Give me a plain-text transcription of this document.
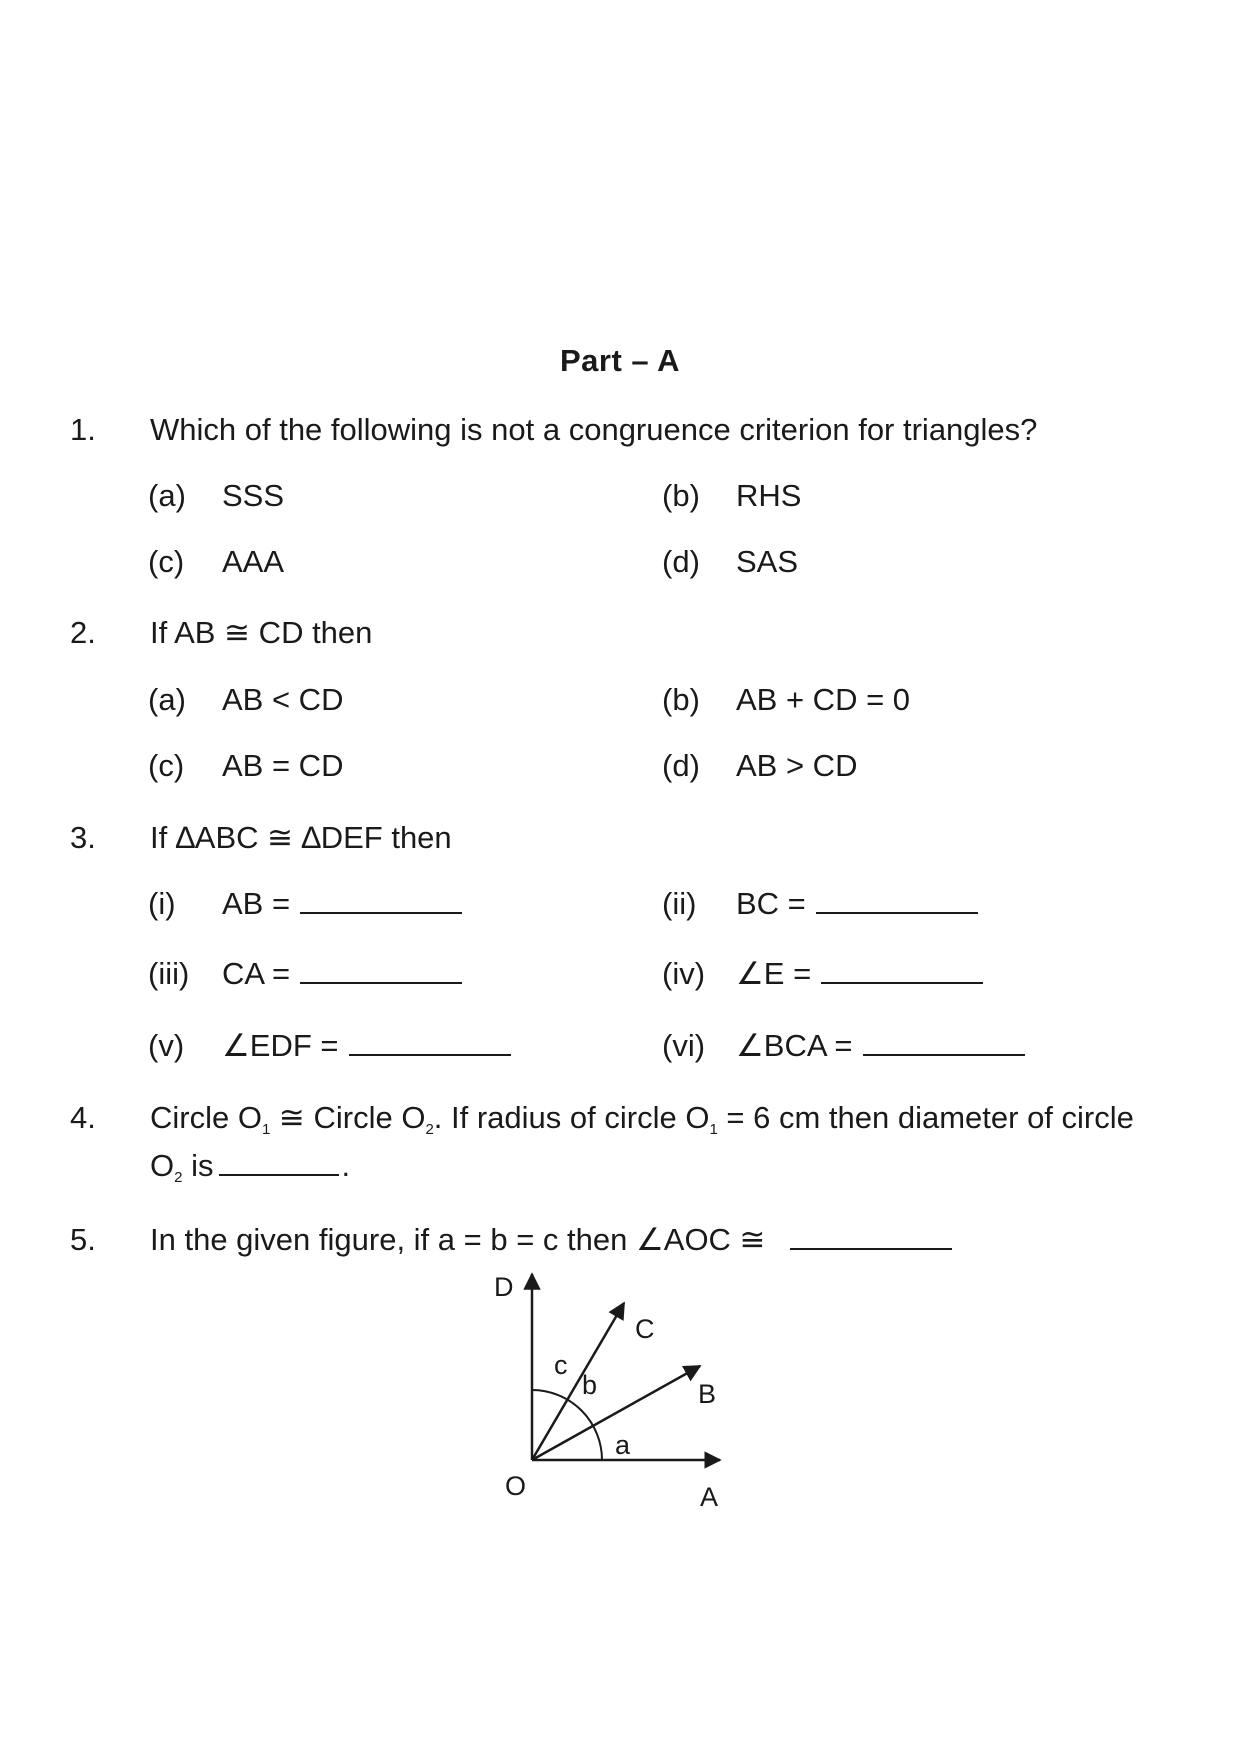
Part – A
1. Which of the following is not a congruence criterion for triangles?
(a) SSS	(b) RHS
(c) AAA	(d) SAS
2. If AB ≅ CD then
(a) AB < CD	(b) AB + CD = 0
(c) AB = CD	(d) AB > CD
3. If ∆ABC ≅ ∆DEF then
(i) AB =	(ii) BC =
(iii) CA =	(iv) ∠E =
(v) ∠EDF =	(vi) ∠BCA =
4. Circle $O_1$ ≅ Circle $O_2$. If radius of circle $O_1 = 6$ cm then diameter of circle
$O_2$ is	.
5. In the given figure, if a = b = c then ∠AOC ≅
D
C
B
A
O
a
b
c
